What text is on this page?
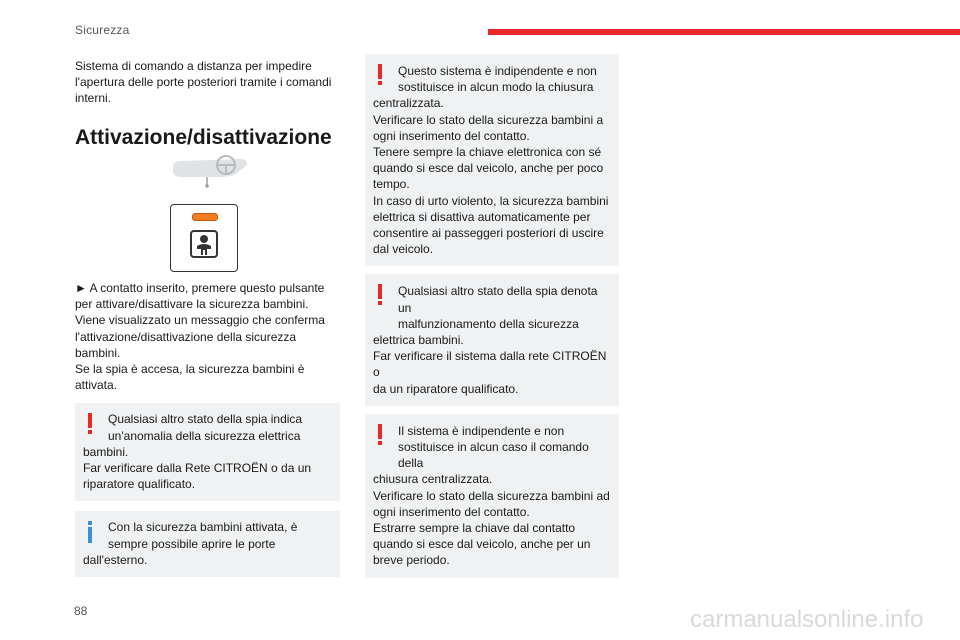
Sicurezza

Sistema di comando a distanza per impedire

l'apertura delle porte posteriori tramite i comandi

interni.

Attivazione/disattivazione

► A contatto inserito, premere questo pulsante

per attivare/disattivare la sicurezza bambini.

Viene visualizzato un messaggio che conferma

l'attivazione/disattivazione della sicurezza

bambini.

Se la spia è accesa, la sicurezza bambini è

attivata.

Qualsiasi altro stato della spia indica

un'anomalia della sicurezza elettrica

bambini.

Far verificare dalla Rete CITROËN o da un

riparatore qualificato.

Con la sicurezza bambini attivata, è

sempre possibile aprire le porte

dall'esterno.

Questo sistema è indipendente e non

sostituisce in alcun modo la chiusura

centralizzata.

Verificare lo stato della sicurezza bambini a

ogni inserimento del contatto.

Tenere sempre la chiave elettronica con sé

quando si esce dal veicolo, anche per poco

tempo.

In caso di urto violento, la sicurezza bambini

elettrica si disattiva automaticamente per

consentire ai passeggeri posteriori di uscire

dal veicolo.

Qualsiasi altro stato della spia denota un

malfunzionamento della sicurezza

elettrica bambini.

Far verificare il sistema dalla rete CITROËN o

da un riparatore qualificato.

Il sistema è indipendente e non

sostituisce in alcun caso il comando della

chiusura centralizzata.

Verificare lo stato della sicurezza bambini ad

ogni inserimento del contatto.

Estrarre sempre la chiave dal contatto

quando si esce dal veicolo, anche per un

breve periodo.

88	carmanualsonline.info
